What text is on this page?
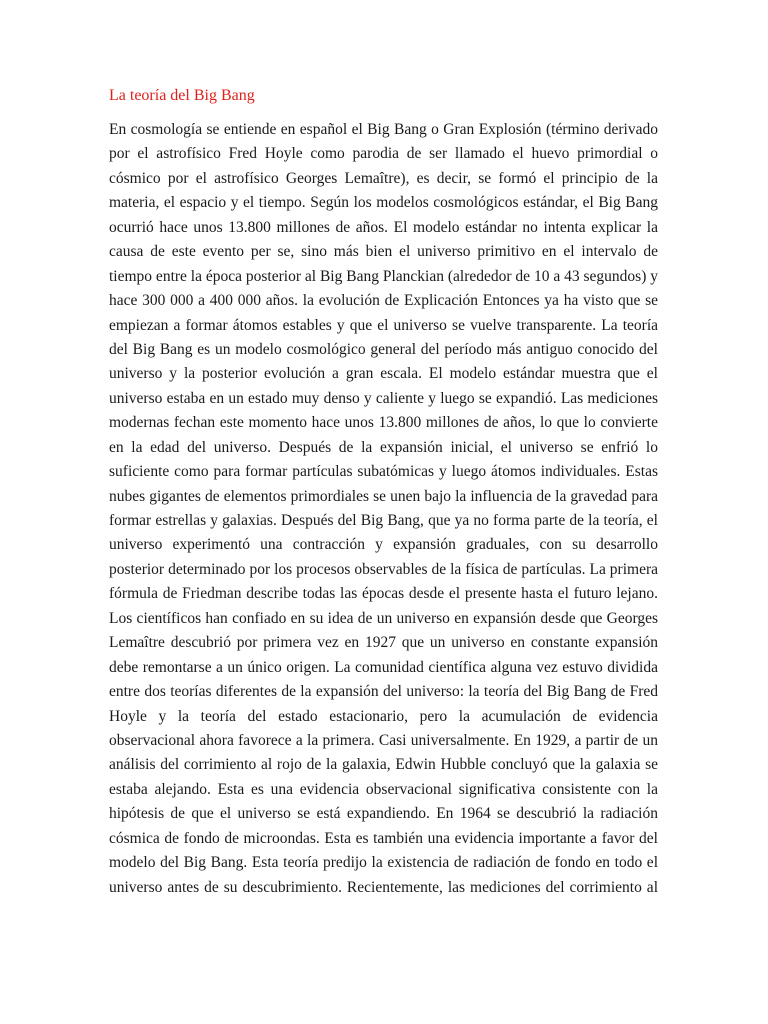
La teoría del Big Bang
En cosmología se entiende en español el Big Bang o Gran Explosión (término derivado
por el astrofísico Fred Hoyle como parodia de ser llamado el huevo primordial o
cósmico por el astrofísico Georges Lemaître), es decir, se formó el principio de la
materia, el espacio y el tiempo. Según los modelos cosmológicos estándar, el Big Bang
ocurrió hace unos 13.800 millones de años. El modelo estándar no intenta explicar la
causa de este evento per se, sino más bien el universo primitivo en el intervalo de
tiempo entre la época posterior al Big Bang Planckian (alrededor de 10 a 43 segundos) y
hace 300 000 a 400 000 años. la evolución de Explicación Entonces ya ha visto que se
empiezan a formar átomos estables y que el universo se vuelve transparente. La teoría
del Big Bang es un modelo cosmológico general del período más antiguo conocido del
universo y la posterior evolución a gran escala. El modelo estándar muestra que el
universo estaba en un estado muy denso y caliente y luego se expandió. Las mediciones
modernas fechan este momento hace unos 13.800 millones de años, lo que lo convierte
en la edad del universo. Después de la expansión inicial, el universo se enfrió lo
suficiente como para formar partículas subatómicas y luego átomos individuales. Estas
nubes gigantes de elementos primordiales se unen bajo la influencia de la gravedad para
formar estrellas y galaxias. Después del Big Bang, que ya no forma parte de la teoría, el
universo experimentó una contracción y expansión graduales, con su desarrollo
posterior determinado por los procesos observables de la física de partículas. La primera
fórmula de Friedman describe todas las épocas desde el presente hasta el futuro lejano.
Los científicos han confiado en su idea de un universo en expansión desde que Georges
Lemaître descubrió por primera vez en 1927 que un universo en constante expansión
debe remontarse a un único origen. La comunidad científica alguna vez estuvo dividida
entre dos teorías diferentes de la expansión del universo: la teoría del Big Bang de Fred
Hoyle y la teoría del estado estacionario, pero la acumulación de evidencia
observacional ahora favorece a la primera. Casi universalmente. En 1929, a partir de un
análisis del corrimiento al rojo de la galaxia, Edwin Hubble concluyó que la galaxia se
estaba alejando. Esta es una evidencia observacional significativa consistente con la
hipótesis de que el universo se está expandiendo. En 1964 se descubrió la radiación
cósmica de fondo de microondas. Esta es también una evidencia importante a favor del
modelo del Big Bang. Esta teoría predijo la existencia de radiación de fondo en todo el
universo antes de su descubrimiento. Recientemente, las mediciones del corrimiento al
